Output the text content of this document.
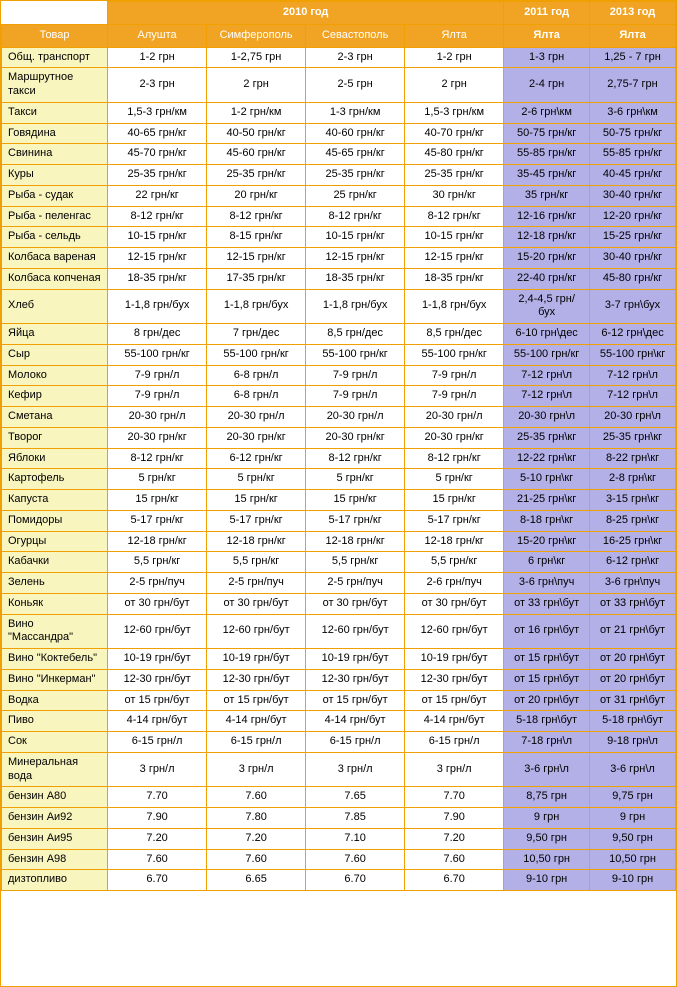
	2010 год				2011 год	2013 год
Товар	Алушта	Симферополь	Севастополь	Ялта	Ялта	Ялта
Общ. транспорт	1-2 грн	1-2,75 грн	2-3 грн	1-2 грн	1-3 грн	1,25 - 7 грн
Маршрутное такси	2-3 грн	2 грн	2-5 грн	2 грн	2-4 грн	2,75-7 грн
Такси	1,5-3 грн/км	1-2 грн/км	1-3 грн/км	1,5-3 грн/км	2-6 грн\км	3-6 грн\км
Говядина	40-65 грн/кг	40-50 грн/кг	40-60 грн/кг	40-70 грн/кг	50-75 грн/кг	50-75 грн/кг
Свинина	45-70 грн/кг	45-60 грн/кг	45-65 грн/кг	45-80 грн/кг	55-85 грн/кг	55-85 грн/кг
Куры	25-35 грн/кг	25-35 грн/кг	25-35 грн/кг	25-35 грн/кг	35-45 грн/кг	40-45 грн/кг
Рыба - судак	22 грн/кг	20 грн/кг	25 грн/кг	30 грн/кг	35 грн/кг	30-40 грн/кг
Рыба - пеленгас	8-12 грн/кг	8-12 грн/кг	8-12 грн/кг	8-12 грн/кг	12-16 грн/кг	12-20 грн/кг
Рыба - сельдь	10-15 грн/кг	8-15 грн/кг	10-15 грн/кг	10-15 грн/кг	12-18 грн/кг	15-25 грн/кг
Колбаса вареная	12-15 грн/кг	12-15 грн/кг	12-15 грн/кг	12-15 грн/кг	15-20 грн/кг	30-40 грн/кг
Колбаса копченая	18-35 грн/кг	17-35 грн/кг	18-35 грн/кг	18-35 грн/кг	22-40 грн/кг	45-80 грн/кг
Хлеб	1-1,8 грн/бух	1-1,8 грн/бух	1-1,8 грн/бух	1-1,8 грн/бух	2,4-4,5 грн/бух	3-7 грн\бух
Яйца	8 грн/дес	7 грн/дес	8,5 грн/дес	8,5 грн/дес	6-10 грн\дес	6-12 грн\дес
Сыр	55-100 грн/кг	55-100 грн/кг	55-100 грн/кг	55-100 грн/кг	55-100 грн/кг	55-100 грн\кг
Молоко	7-9 грн/л	6-8 грн/л	7-9 грн/л	7-9 грн/л	7-12 грн\л	7-12 грн\л
Кефир	7-9 грн/л	6-8 грн/л	7-9 грн/л	7-9 грн/л	7-12 грн\л	7-12 грн\л
Сметана	20-30 грн/л	20-30 грн/л	20-30 грн/л	20-30 грн/л	20-30 грн\л	20-30 грн\л
Творог	20-30 грн/кг	20-30 грн/кг	20-30 грн/кг	20-30 грн/кг	25-35 грн\кг	25-35 грн\кг
Яблоки	8-12 грн/кг	6-12 грн/кг	8-12 грн/кг	8-12 грн/кг	12-22 грн\кг	8-22 грн\кг
Картофель	5 грн/кг	5 грн/кг	5 грн/кг	5 грн/кг	5-10 грн\кг	2-8 грн\кг
Капуста	15 грн/кг	15 грн/кг	15 грн/кг	15 грн/кг	21-25 грн\кг	3-15 грн\кг
Помидоры	5-17 грн/кг	5-17 грн/кг	5-17 грн/кг	5-17 грн/кг	8-18 грн\кг	8-25 грн\кг
Огурцы	12-18 грн/кг	12-18 грн/кг	12-18 грн/кг	12-18 грн/кг	15-20 грн\кг	16-25 грн\кг
Кабачки	5,5 грн/кг	5,5 грн/кг	5,5 грн/кг	5,5 грн/кг	6 грн\кг	6-12 грн\кг
Зелень	2-5 грн/пуч	2-5 грн/пуч	2-5 грн/пуч	2-6 грн/пуч	3-6 грн\пуч	3-6 грн\пуч
Коньяк	от 30 грн/бут	от 30 грн/бут	от 30 грн/бут	от 30 грн/бут	от 33 грн\бут	от 33 грн\бут
Вино "Массандра"	12-60 грн/бут	12-60 грн/бут	12-60 грн/бут	12-60 грн/бут	от 16 грн\бут	от 21 грн\бут
Вино "Коктебель"	10-19 грн/бут	10-19 грн/бут	10-19 грн/бут	10-19 грн/бут	от 15 грн\бут	от 20 грн\бут
Вино "Инкерман"	12-30 грн/бут	12-30 грн/бут	12-30 грн/бут	12-30 грн/бут	от 15 грн\бут	от 20 грн\бут
Водка	от 15 грн/бут	от 15 грн/бут	от 15 грн/бут	от 15 грн/бут	от 20 грн\бут	от 31 грн\бут
Пиво	4-14 грн/бут	4-14 грн/бут	4-14 грн/бут	4-14 грн/бут	5-18 грн\бут	5-18 грн\бут
Сок	6-15 грн/л	6-15 грн/л	6-15 грн/л	6-15 грн/л	7-18 грн\л	9-18 грн\л
Минеральная вода	3 грн/л	3 грн/л	3 грн/л	3 грн/л	3-6 грн\л	3-6 грн\л
бензин А80	7.70	7.60	7.65	7.70	8,75 грн	9,75 грн
бензин Аи92	7.90	7.80	7.85	7.90	9 грн	9 грн
бензин Аи95	7.20	7.20	7.10	7.20	9,50 грн	9,50 грн
бензин А98	7.60	7.60	7.60	7.60	10,50 грн	10,50 грн
дизтопливо	6.70	6.65	6.70	6.70	9-10 грн	9-10 грн
